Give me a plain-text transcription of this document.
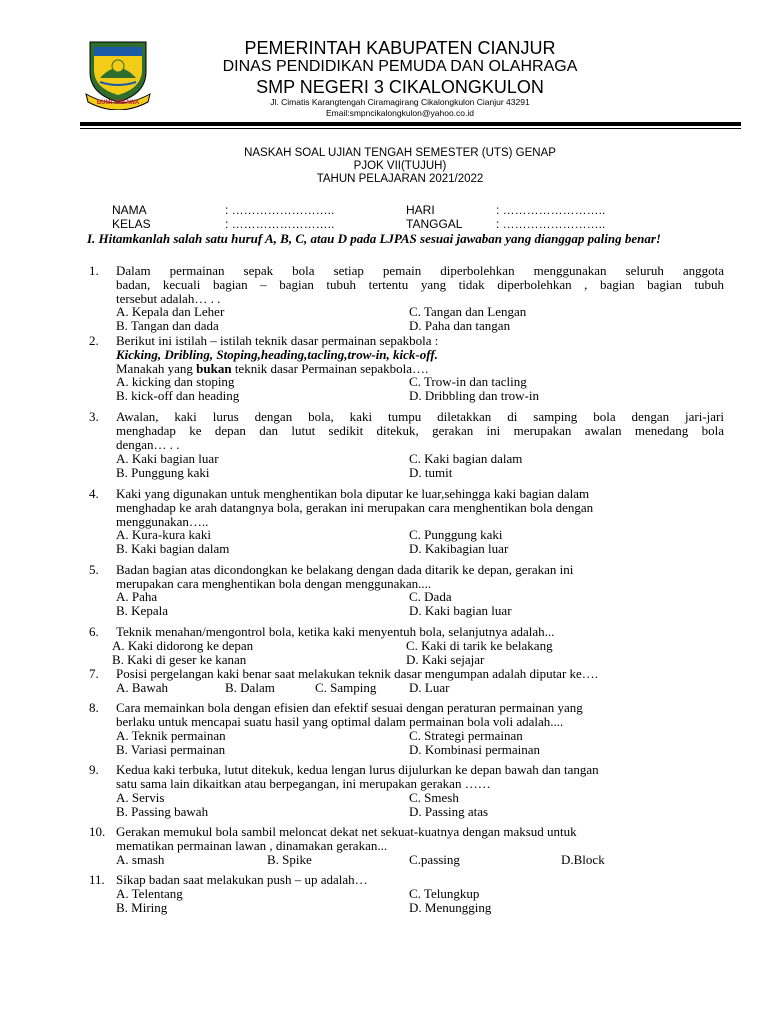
BUMI WIBAWA
PEMERINTAH KABUPATEN CIANJUR
DINAS PENDIDIKAN PEMUDA DAN OLAHRAGA
SMP NEGERI 3 CIKALONGKULON
Jl. Cimatis Karangtengah Ciramagirang Cikalongkulon Cianjur 43291
Email:smpncikalongkulon@yahoo.co.id
NASKAH SOAL UJIAN TENGAH SEMESTER (UTS) GENAP
PJOK VII(TUJUH)
TAHUN PELAJARAN 2021/2022
NAMA	: ……………………..	HARI	: ……………………..
KELAS	: ……………………..	TANGGAL	: ……………………..

I. Hitamkanlah salah satu huruf A, B, C, atau D pada LJPAS sesuai jawaban yang dianggap paling benar!

1. Dalam permainan sepak bola setiap pemain diperbolehkan menggunakan seluruh anggota
badan, kecuali bagian – bagian tubuh tertentu yang tidak diperbolehkan , bagian bagian tubuh
tersebut adalah… . .
A. Kepala dan Leher	C. Tangan dan Lengan
B. Tangan dan dada	D. Paha dan tangan
2. Berikut ini istilah – istilah teknik dasar permainan sepakbola :
Kicking, Dribling, Stoping,heading,tacling,trow-in, kick-off.
Manakah yang bukan teknik dasar Permainan sepakbola….
A. kicking dan stoping	C. Trow-in dan tacling
B. kick-off dan heading	D. Dribbling dan trow-in
3. Awalan, kaki lurus dengan bola, kaki tumpu diletakkan di samping bola dengan jari-jari
menghadap ke depan dan lutut sedikit ditekuk, gerakan ini merupakan awalan menedang bola
dengan… . .
A. Kaki bagian luar	C. Kaki bagian dalam
B. Punggung kaki	D. tumit
4. Kaki yang digunakan untuk menghentikan bola diputar ke luar,sehingga kaki bagian dalam
menghadap ke arah datangnya bola, gerakan ini merupakan cara menghentikan bola dengan
menggunakan…..
A. Kura-kura kaki	C. Punggung kaki
B. Kaki bagian dalam	D. Kakibagian luar
5. Badan bagian atas dicondongkan ke belakang dengan dada ditarik ke depan, gerakan ini
merupakan cara menghentikan bola dengan menggunakan....
A. Paha	C. Dada
B. Kepala	D. Kaki bagian luar
6. Teknik menahan/mengontrol bola, ketika kaki menyentuh bola, selanjutnya adalah...
A. Kaki didorong ke depan	C. Kaki di tarik ke belakang
B. Kaki di geser ke kanan	D. Kaki sejajar
7. Posisi pergelangan kaki benar saat melakukan teknik dasar mengumpan adalah diputar ke….
A. Bawah	B. Dalam	C. Samping	D. Luar
8. Cara memainkan bola dengan efisien dan efektif sesuai dengan peraturan permainan yang
berlaku untuk mencapai suatu hasil yang optimal dalam permainan bola voli adalah....
A. Teknik permainan	C. Strategi permainan
B. Variasi permainan	D. Kombinasi permainan
9. Kedua kaki terbuka, lutut ditekuk, kedua lengan lurus dijulurkan ke depan bawah dan tangan
satu sama lain dikaitkan atau berpegangan, ini merupakan gerakan ……
A. Servis	C. Smesh
B. Passing bawah	D. Passing atas
10. Gerakan memukul bola sambil meloncat dekat net sekuat-kuatnya dengan maksud untuk
mematikan permainan lawan , dinamakan gerakan...
A. smash	B. Spike	C.passing	D.Block
11. Sikap badan saat melakukan push – up adalah…
A. Telentang	C. Telungkup
B. Miring	D. Menungging
